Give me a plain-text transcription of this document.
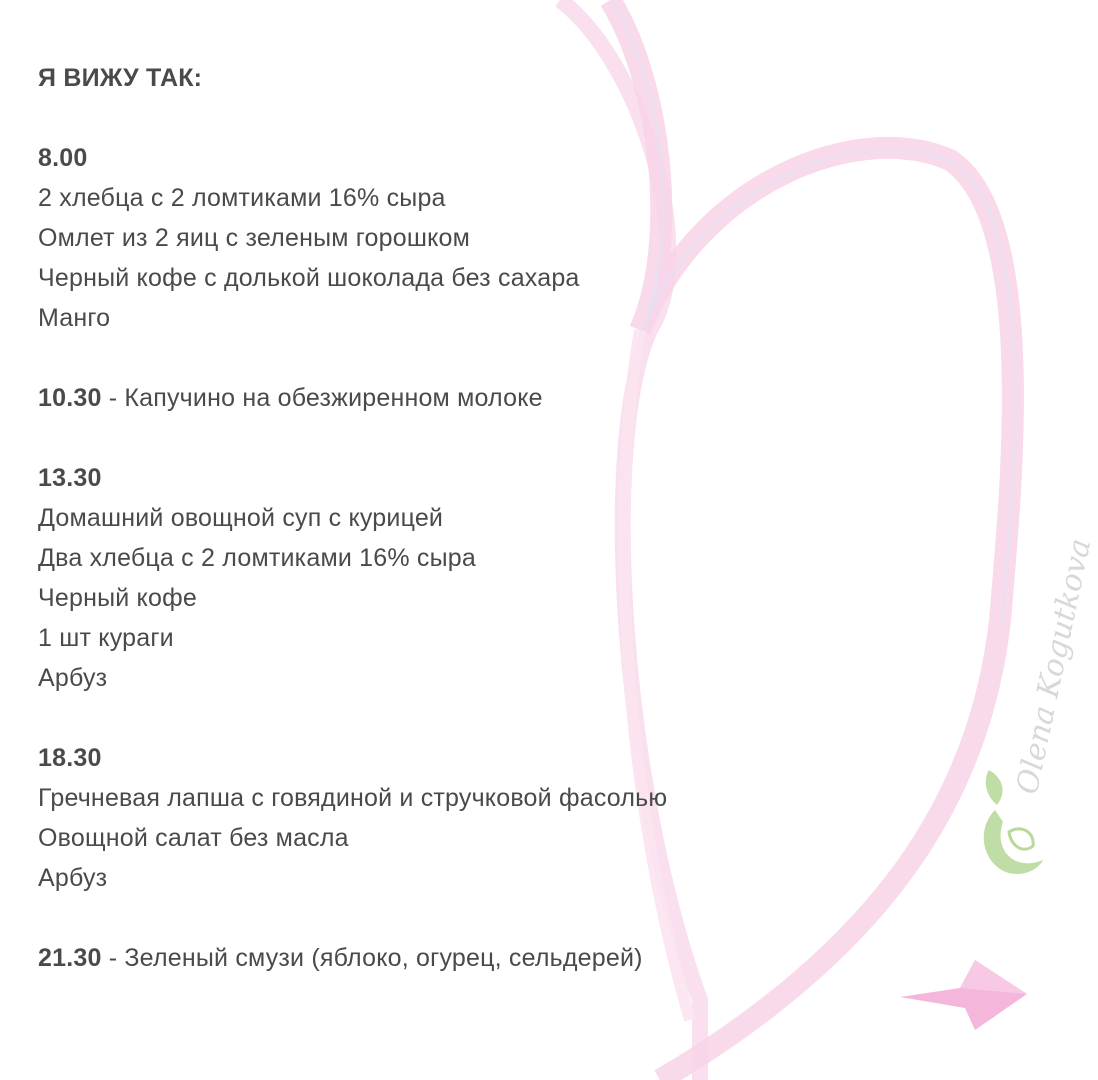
Я ВИЖУ ТАК:
8.00
2 хлебца с 2 ломтиками 16% сыра
Омлет из 2 яиц с зеленым горошком
Черный кофе с долькой шоколада без сахара
Манго
10.30 - Капучино на обезжиренном молоке
13.30
Домашний овощной суп с курицей
Два хлебца с 2 ломтиками 16% сыра
Черный кофе
1 шт кураги
Арбуз
18.30
Гречневая лапша с говядиной и стручковой фасолью
Овощной салат без масла
Арбуз
21.30 - Зеленый смузи (яблоко, огурец, сельдерей)
Olena Kogutkova
